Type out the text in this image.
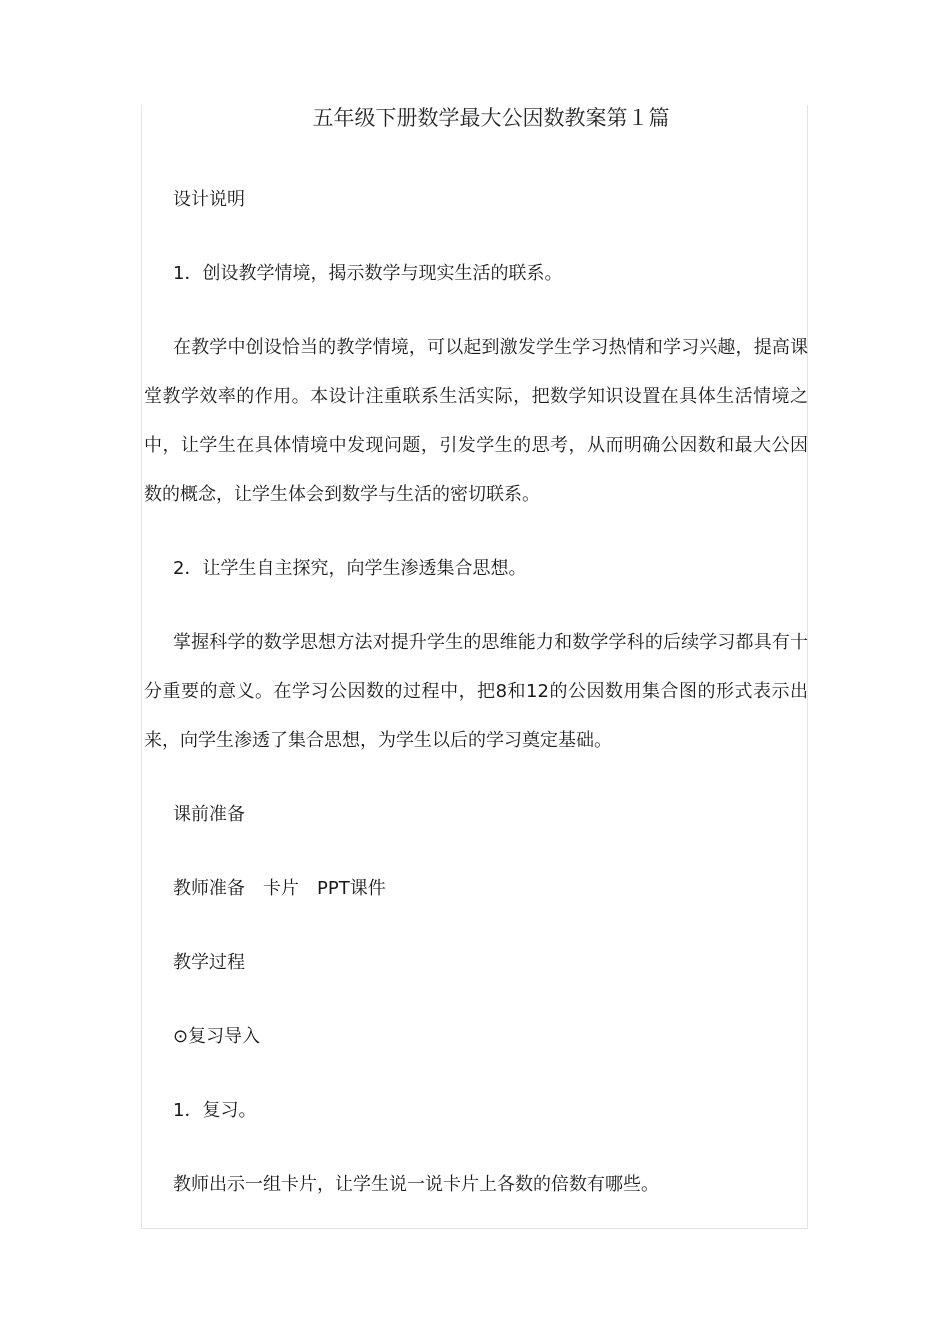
五年级下册数学最大公因数教案第１篇

设计说明

1．创设教学情境，揭示数学与现实生活的联系。

在教学中创设恰当的教学情境，可以起到激发学生学习热情和学习兴趣，提高课堂教学效率的作用。本设计注重联系生活实际，把数学知识设置在具体生活情境之中，让学生在具体情境中发现问题，引发学生的思考，从而明确公因数和最大公因数的概念，让学生体会到数学与生活的密切联系。

2．让学生自主探究，向学生渗透集合思想。

掌握科学的数学思想方法对提升学生的思维能力和数学学科的后续学习都具有十分重要的意义。在学习公因数的过程中，把8和12的公因数用集合图的形式表示出来，向学生渗透了集合思想，为学生以后的学习奠定基础。

课前准备

教师准备　卡片　PPT课件

教学过程

⊙复习导入

1．复习。

教师出示一组卡片，让学生说一说卡片上各数的倍数有哪些。
